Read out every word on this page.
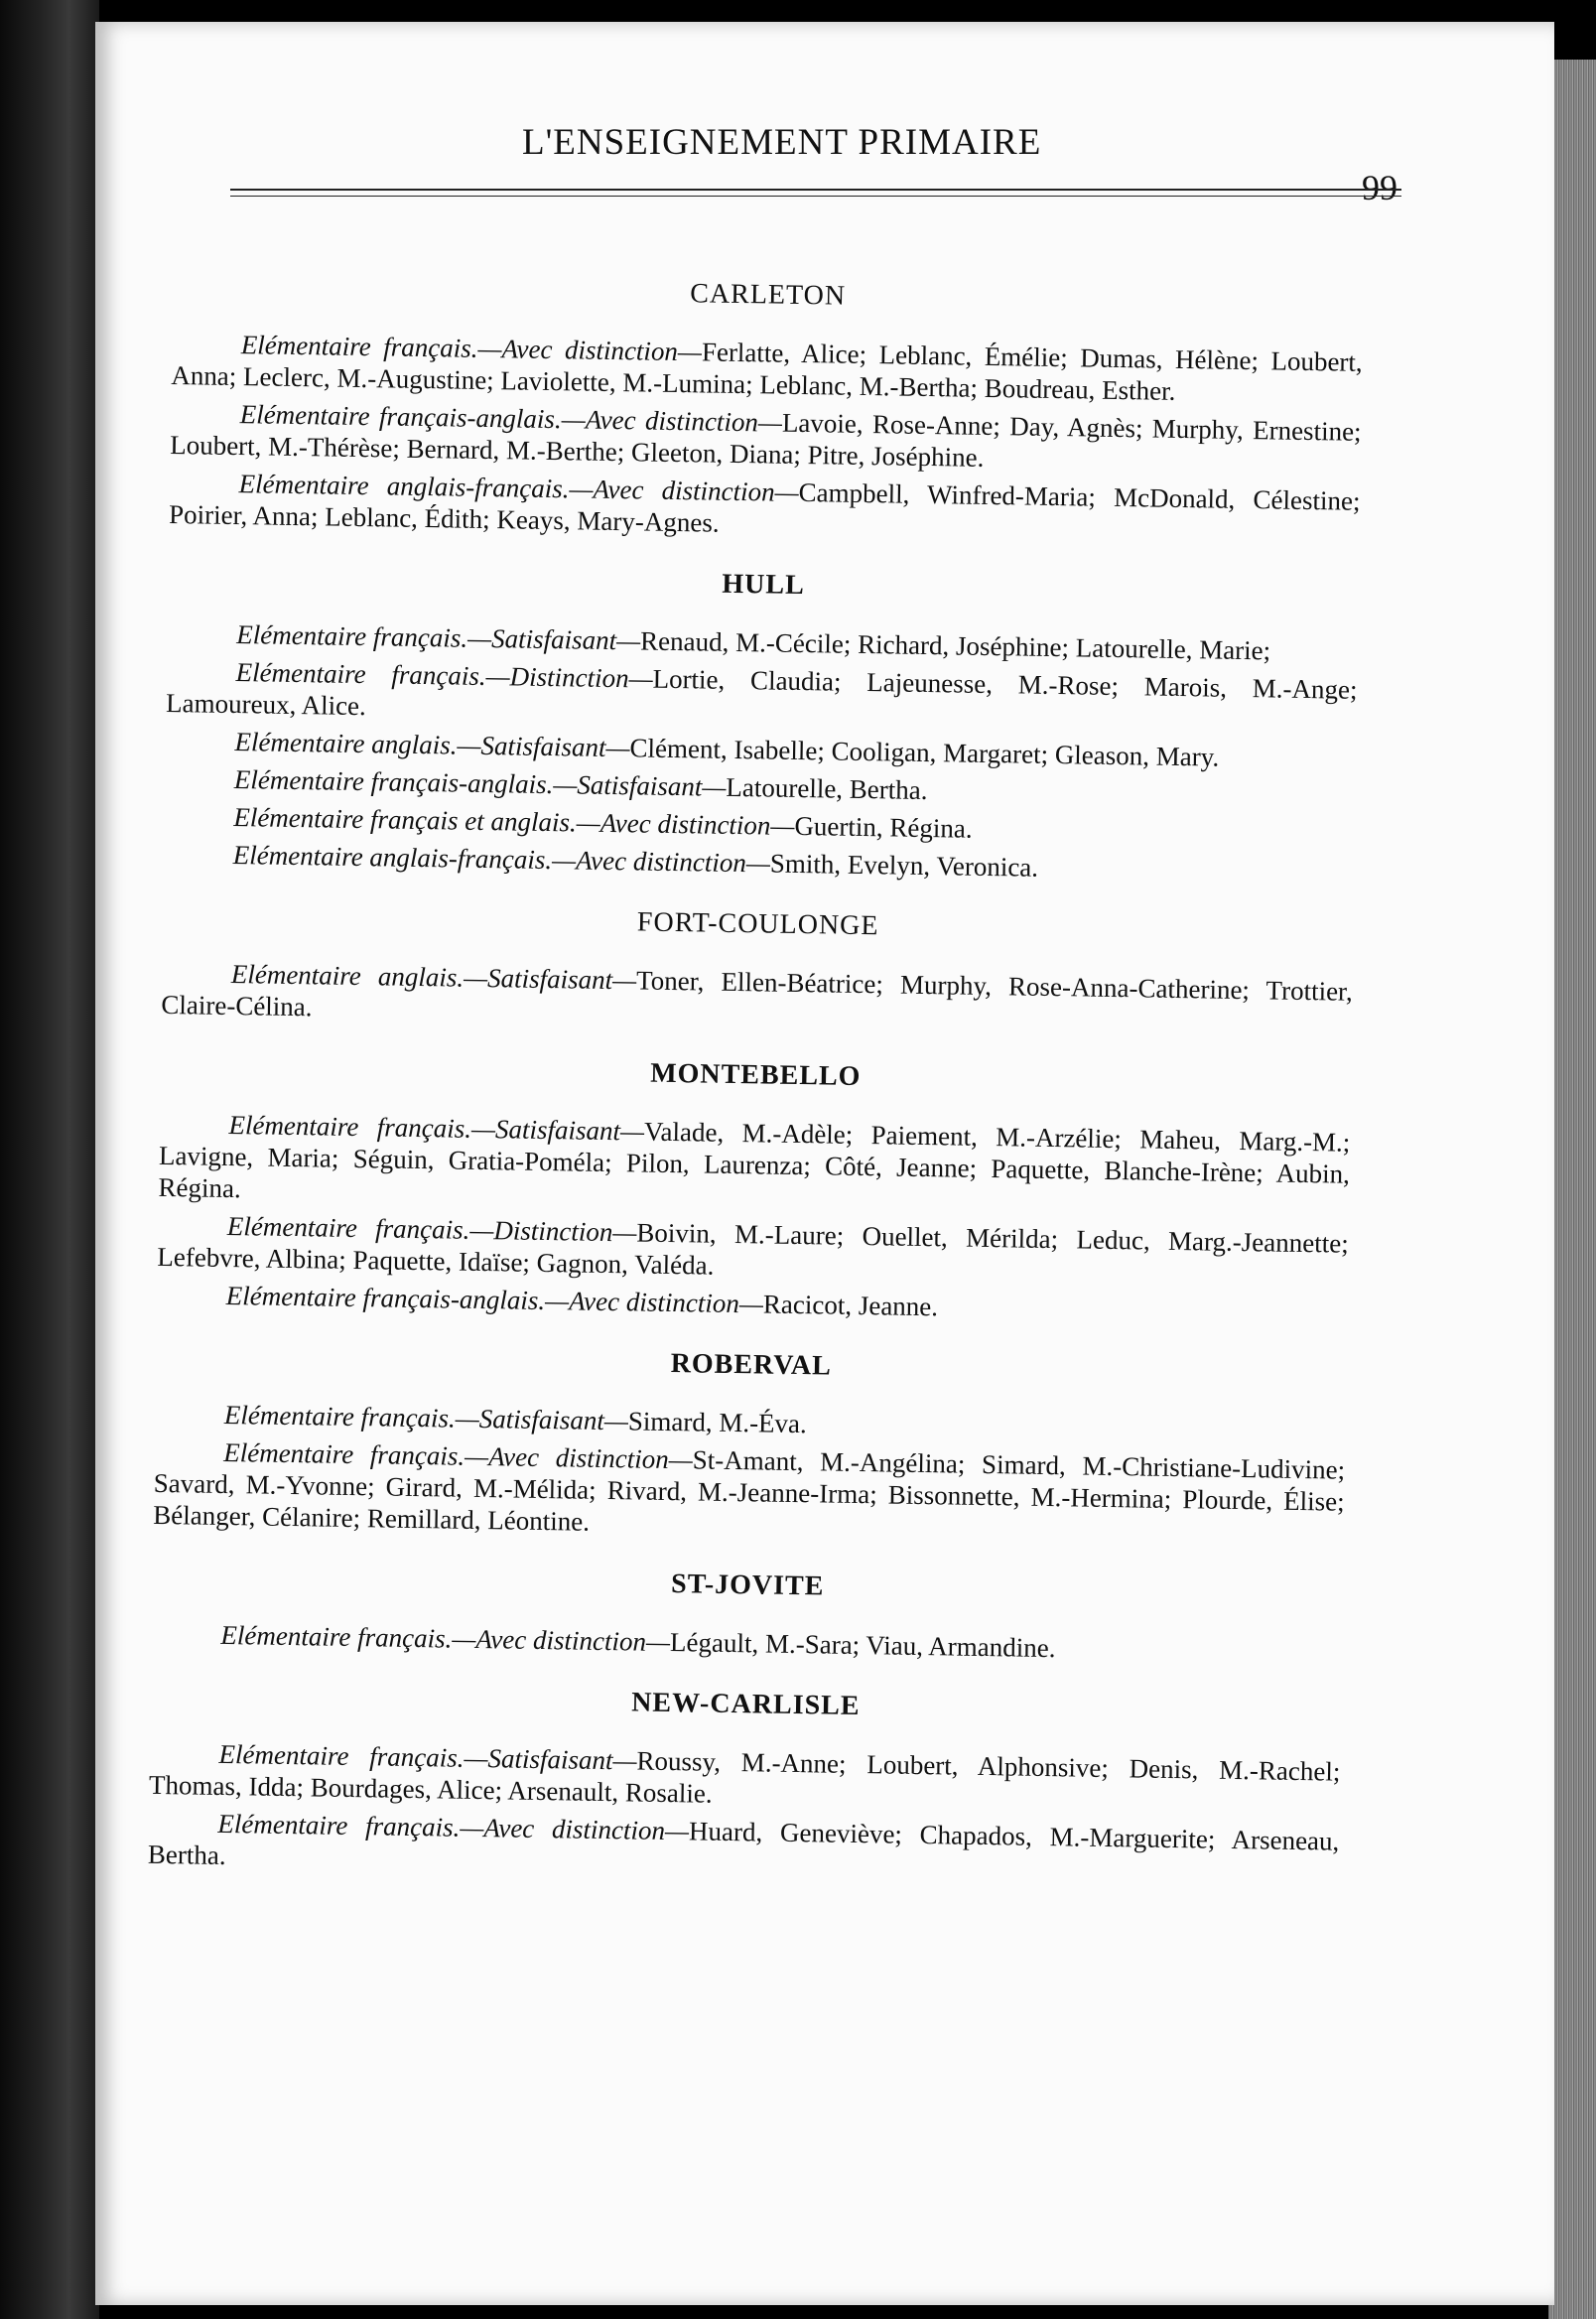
L'ENSEIGNEMENT PRIMAIRE
99
CARLETON

Elémentaire français.—Avec distinction—Ferlatte, Alice; Leblanc, Émélie; Dumas, Hélène; Loubert, Anna; Leclerc, M.-Augustine; Laviolette, M.-Lumina; Leblanc, M.-Bertha; Boudreau, Esther.

Elémentaire français-anglais.—Avec distinction—Lavoie, Rose-Anne; Day, Agnès; Murphy, Ernestine; Loubert, M.-Thérèse; Bernard, M.-Berthe; Gleeton, Diana; Pitre, Joséphine.

Elémentaire anglais-français.—Avec distinction—Campbell, Winfred-Maria; McDonald, Célestine; Poirier, Anna; Leblanc, Édith; Keays, Mary-Agnes.

HULL

Elémentaire français.—Satisfaisant—Renaud, M.-Cécile; Richard, Joséphine; Latourelle, Marie;

Elémentaire français.—Distinction—Lortie, Claudia; Lajeunesse, M.-Rose; Marois, M.-Ange; Lamoureux, Alice.

Elémentaire anglais.—Satisfaisant—Clément, Isabelle; Cooligan, Margaret; Gleason, Mary.

Elémentaire français-anglais.—Satisfaisant—Latourelle, Bertha.

Elémentaire français et anglais.—Avec distinction—Guertin, Régina.

Elémentaire anglais-français.—Avec distinction—Smith, Evelyn, Veronica.

FORT-COULONGE

Elémentaire anglais.—Satisfaisant—Toner, Ellen-Béatrice; Murphy, Rose-Anna-Catherine; Trottier, Claire-Célina.

MONTEBELLO

Elémentaire français.—Satisfaisant—Valade, M.-Adèle; Paiement, M.-Arzélie; Maheu, Marg.-M.; Lavigne, Maria; Séguin, Gratia-Poméla; Pilon, Laurenza; Côté, Jeanne; Paquette, Blanche-Irène; Aubin, Régina.

Elémentaire français.—Distinction—Boivin, M.-Laure; Ouellet, Mérilda; Leduc, Marg.-Jeannette; Lefebvre, Albina; Paquette, Idaïse; Gagnon, Valéda.

Elémentaire français-anglais.—Avec distinction—Racicot, Jeanne.

ROBERVAL

Elémentaire français.—Satisfaisant—Simard, M.-Éva.

Elémentaire français.—Avec distinction—St-Amant, M.-Angélina; Simard, M.-Christiane-Ludivine; Savard, M.-Yvonne; Girard, M.-Mélida; Rivard, M.-Jeanne-Irma; Bissonnette, M.-Hermina; Plourde, Élise; Bélanger, Célanire; Remillard, Léontine.

ST-JOVITE

Elémentaire français.—Avec distinction—Légault, M.-Sara; Viau, Armandine.

NEW-CARLISLE

Elémentaire français.—Satisfaisant—Roussy, M.-Anne; Loubert, Alphonsive; Denis, M.-Rachel; Thomas, Idda; Bourdages, Alice; Arsenault, Rosalie.

Elémentaire français.—Avec distinction—Huard, Geneviève; Chapados, M.-Marguerite; Arseneau, Bertha.
